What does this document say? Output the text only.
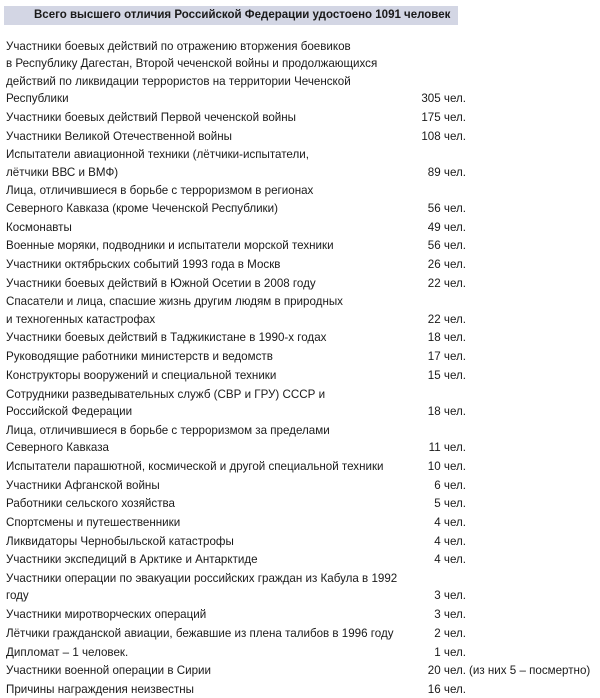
Всего высшего отличия Российской Федерации удостоено 1091 человек
Участники боевых действий по отражению вторжения боевиков
в Республику Дагестан, Второй чеченской войны и продолжающихся
действий по ликвидации террористов на территории Чеченской
Республики	305 чел.
Участники боевых действий Первой чеченской войны	175 чел.
Участники Великой Отечественной войны	108 чел.
Испытатели авиационной техники (лётчики-испытатели,
лётчики ВВС и ВМФ)	89 чел.
Лица, отличившиеся в борьбе с терроризмом в регионах
Северного Кавказа (кроме Чеченской Республики)	56 чел.
Космонавты	49 чел.
Военные моряки, подводники и испытатели морской техники	56 чел.
Участники октябрьских событий 1993 года в Москв	26 чел.
Участники боевых действий в Южной Осетии в 2008 году	22 чел.
Спасатели и лица, спасшие жизнь другим людям в природных
и техногенных катастрофах	22 чел.
Участники боевых действий в Таджикистане в 1990-х годах	18 чел.
Руководящие работники министерств и ведомств	17 чел.
Конструкторы вооружений и специальной техники	15 чел.
Сотрудники разведывательных служб (СВР и ГРУ) СССР и
Российской Федерации	18 чел.
Лица, отличившиеся в борьбе с терроризмом за пределами
Северного Кавказа	11 чел.
Испытатели парашютной, космической и другой специальной техники	10 чел.
Участники Афганской войны	6 чел.
Работники сельского хозяйства	5 чел.
Спортсмены и путешественники	4 чел.
Ликвидаторы Чернобыльской катастрофы	4 чел.
Участники экспедиций в Арктике и Антарктиде	4 чел.
Участники операции по эвакуации российских граждан из Кабула в 1992 году	3 чел.
Участники миротворческих операций	3 чел.
Лётчики гражданской авиации, бежавшие из плена талибов в 1996 году	2 чел.
Дипломат – 1 человек.	1 чел.
Участники военной операции в Сирии	20 чел. (из них 5 – посмертно)
Причины награждения неизвестны	16 чел.
